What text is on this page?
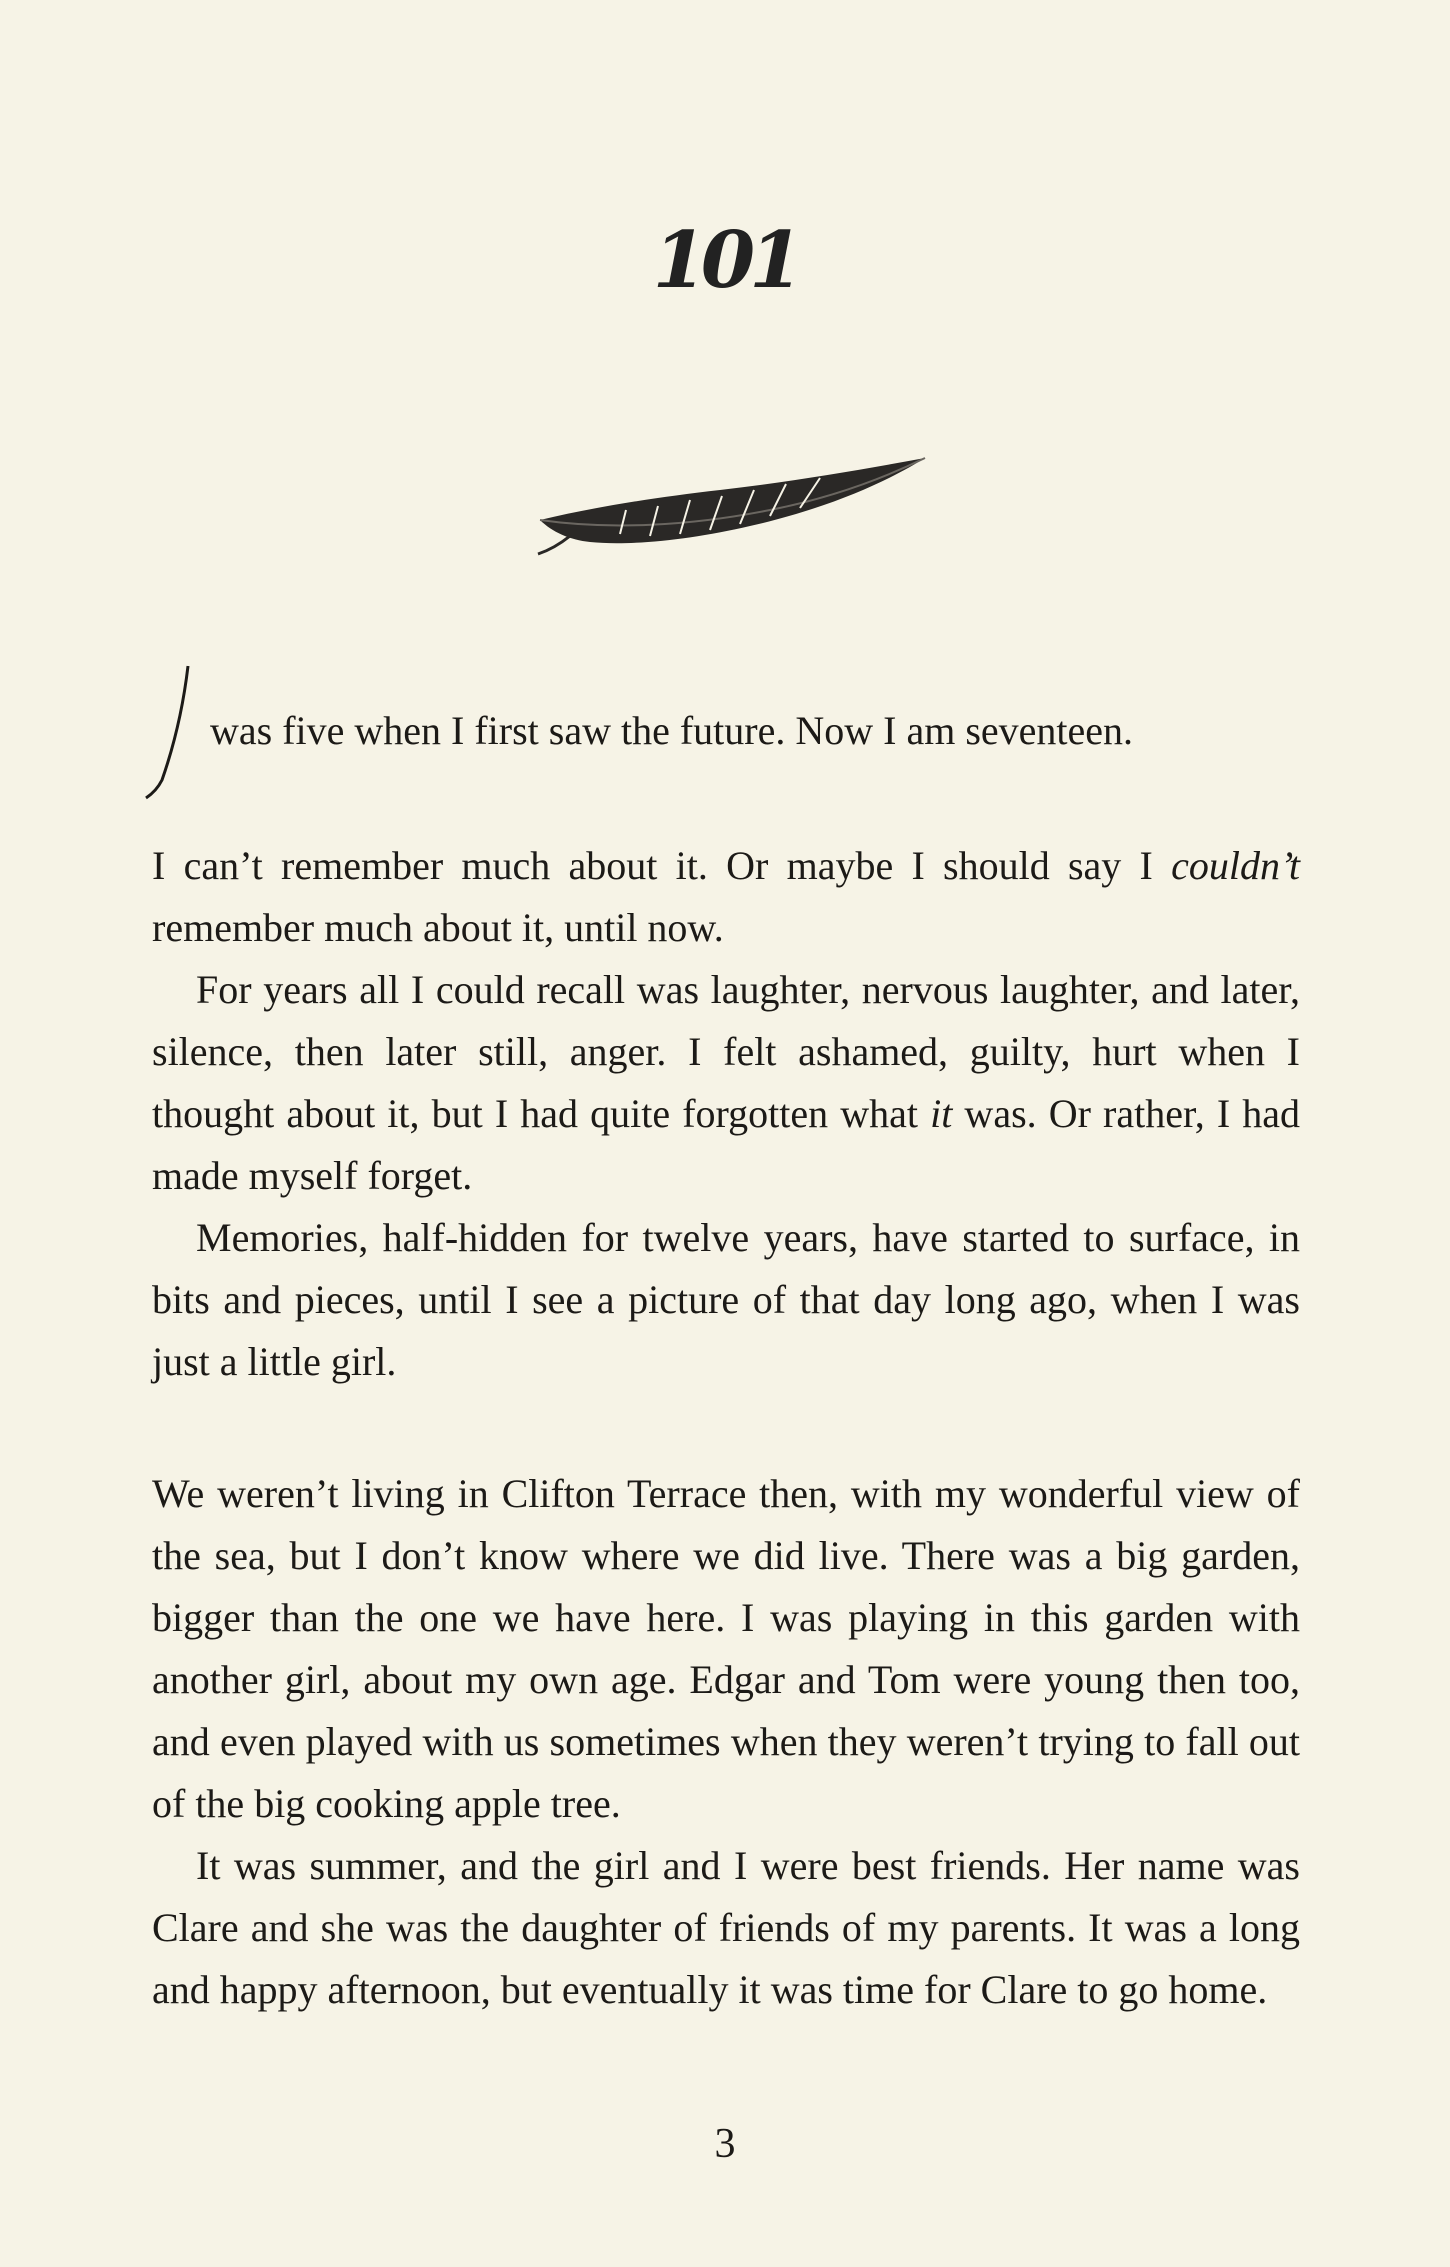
101

was five when I first saw the future. Now I am seventeen.

I can’t remember much about it. Or maybe I should say I couldn’t remember much about it, until now.

For years all I could recall was laughter, nervous laughter, and later, silence, then later still, anger. I felt ashamed, guilty, hurt when I thought about it, but I had quite forgotten what it was. Or rather, I had made myself forget.

Memories, half-hidden for twelve years, have started to surface, in bits and pieces, until I see a picture of that day long ago, when I was just a little girl.

We weren’t living in Clifton Terrace then, with my wonderful view of the sea, but I don’t know where we did live. There was a big garden, bigger than the one we have here. I was playing in this garden with another girl, about my own age. Edgar and Tom were young then too, and even played with us sometimes when they weren’t trying to fall out of the big cooking apple tree.

It was summer, and the girl and I were best friends. Her name was Clare and she was the daughter of friends of my parents. It was a long and happy afternoon, but eventually it was time for Clare to go home.

3
